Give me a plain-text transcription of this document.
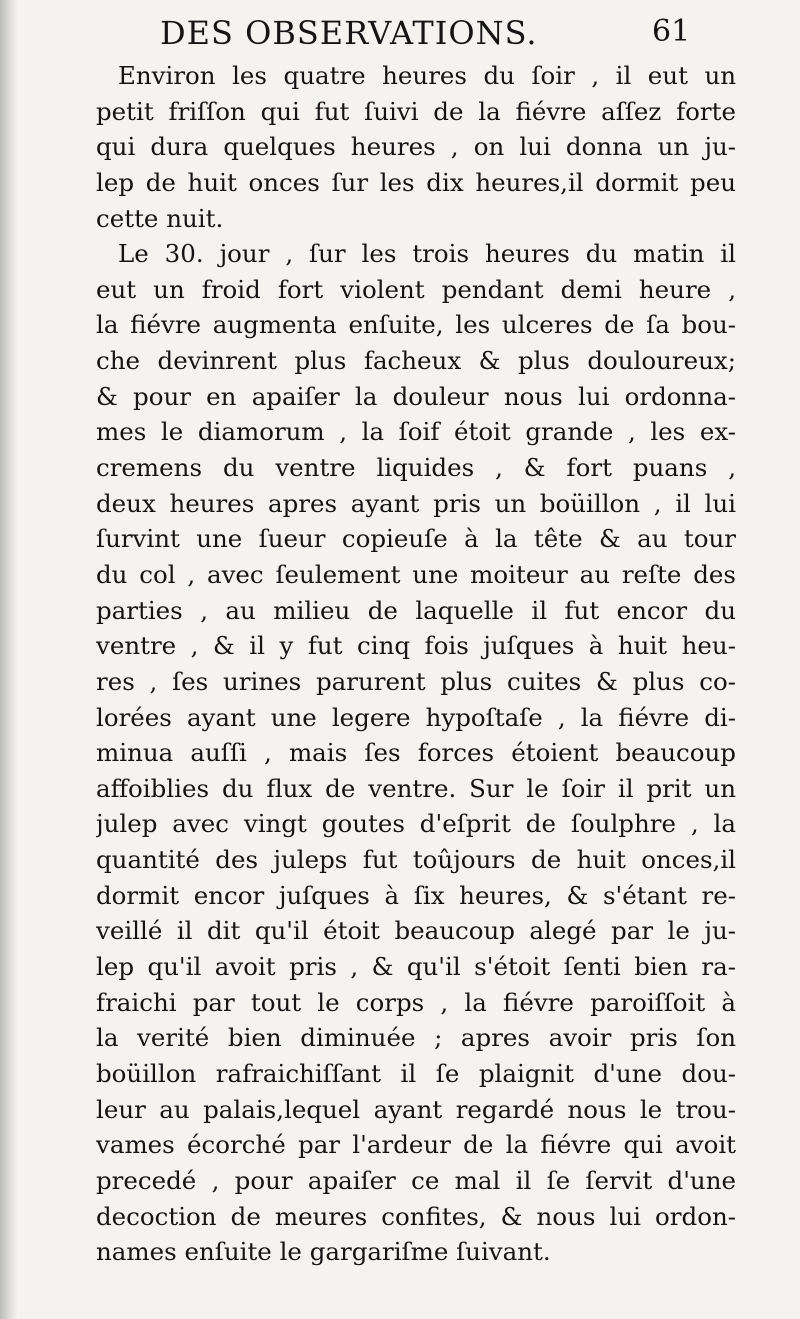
DES OBSERVATIONS.	61
Environ les quatre heures du ſoir , il eut un
petit friſſon qui fut ſuivi de la fiévre aſſez forte
qui dura quelques heures , on lui donna un ju-
lep de huit onces ſur les dix heures,il dormit peu
cette nuit.
Le 30. jour , ſur les trois heures du matin il
eut un froid fort violent pendant demi heure ,
la fiévre augmenta enſuite, les ulceres de ſa bou-
che devinrent plus facheux & plus douloureux;
& pour en apaiſer la douleur nous lui ordonna-
mes le diamorum , la ſoif étoit grande , les ex-
cremens du ventre liquides , & fort puans ,
deux heures apres ayant pris un boüillon , il lui
ſurvint une ſueur copieuſe à la tête & au tour
du col , avec ſeulement une moiteur au reſte des
parties , au milieu de laquelle il fut encor du
ventre , & il y fut cinq fois juſques à huit heu-
res , ſes urines parurent plus cuites & plus co-
lorées ayant une legere hypoſtaſe , la fiévre di-
minua auſſi , mais ſes forces étoient beaucoup
affoiblies du flux de ventre. Sur le ſoir il prit un
julep avec vingt goutes d'eſprit de ſoulphre , la
quantité des juleps fut toûjours de huit onces,il
dormit encor juſques à ſix heures, & s'étant re-
veillé il dit qu'il étoit beaucoup alegé par le ju-
lep qu'il avoit pris , & qu'il s'étoit ſenti bien ra-
fraichi par tout le corps , la fiévre paroiſſoit à
la verité bien diminuée ; apres avoir pris ſon
boüillon rafraichiſſant il ſe plaignit d'une dou-
leur au palais,lequel ayant regardé nous le trou-
vames écorché par l'ardeur de la fiévre qui avoit
precedé , pour apaiſer ce mal il ſe ſervit d'une
decoction de meures confites, & nous lui ordon-
names enſuite le gargariſme ſuivant.
